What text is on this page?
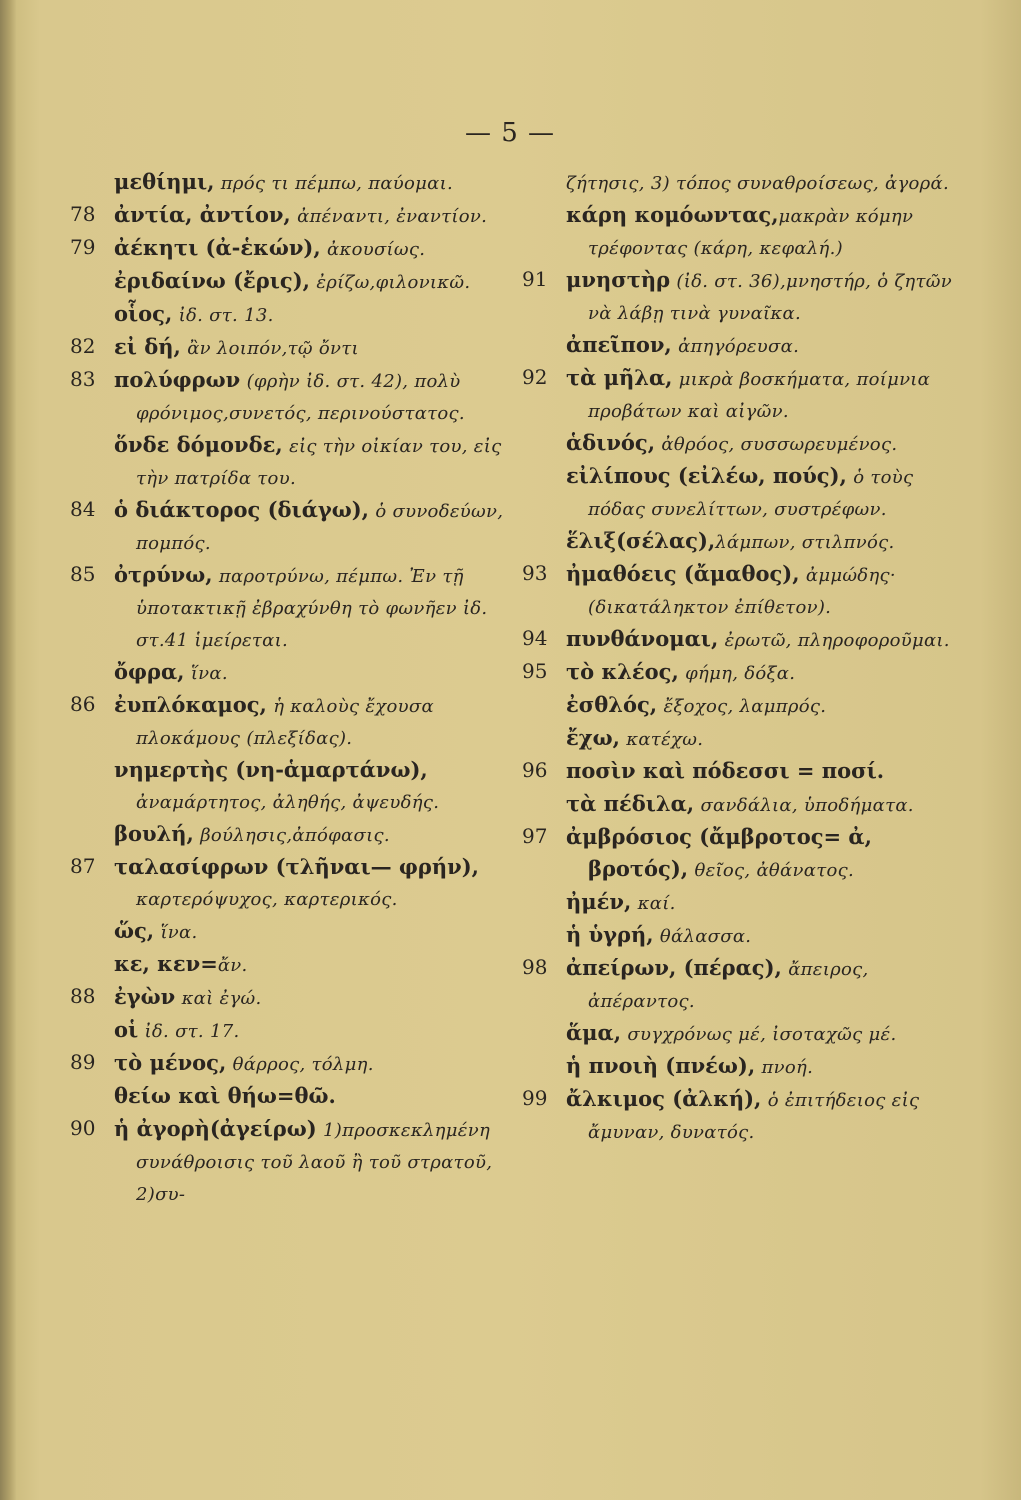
— 5 —

μεθίημι, πρός τι πέμπω, παύομαι.

78 ἀντία, ἀντίον, ἀπέναντι, ἐναντίον.

79 ἀέκητι (ἀ-ἑκών), ἀκουσίως.

ἐριδαίνω (ἔρις), ἐρίζω,φιλονικῶ.

οἷος, ἰδ. στ. 13.

82 εἰ δή, ἂν λοιπόν,τῷ ὄντι

83 πολύφρων (φρὴν ἰδ. στ. 42), πολὺ φρόνιμος,συνετός, περινούστατος.

ὅνδε δόμονδε, εἰς τὴν οἰκίαν του, εἰς τὴν πατρίδα του.

84 ὁ διάκτορος (διάγω), ὁ συνοδεύων, πομπός.

85 ὀτρύνω, παροτρύνω, πέμπω. Ἐν τῇ ὑποτακτικῇ ἐβραχύνθη τὸ φωνῆεν ἰδ. στ.41 ἱμείρεται.

ὄφρα, ἵνα.

86 ἐυπλόκαμος, ἡ καλοὺς ἔχουσα πλοκάμους (πλεξίδας).

νημερτὴς (νη-ἁμαρτάνω), ἀναμάρτητος, ἀληθής, ἀψευδής.

βουλή, βούλησις,ἀπόφασις.

87 ταλασίφρων (τλῆναι— φρήν), καρτερόψυχος, καρτερικός.

ὥς, ἵνα.

κε, κεν=ἄν.

88 ἐγὼν καὶ ἐγώ.

οἱ ἰδ. στ. 17.

89 τὸ μένος, θάρρος, τόλμη.

θείω καὶ θήω=θῶ.

90 ἡ ἀγορὴ(ἀγείρω) 1)προσκεκλημένη συνάθροισις τοῦ λαοῦ ἢ τοῦ στρατοῦ, 2)συ-

ζήτησις, 3) τόπος συναθροίσεως, ἀγορά.

κάρη κομόωντας,μακρὰν κόμην τρέφοντας (κάρη, κεφαλή.)

91 μνηστὴρ (ἰδ. στ. 36),μνηστήρ, ὁ ζητῶν νὰ λάβῃ τινὰ γυναῖκα.

ἀπεῖπον, ἀπηγόρευσα.

92 τὰ μῆλα, μικρὰ βοσκήματα, ποίμνια προβάτων καὶ αἰγῶν.

ἁδινός, ἀθρόος, συσσωρευμένος.

εἰλίπους (εἰλέω, πούς), ὁ τοὺς πόδας συνελίττων, συστρέφων.

ἕλιξ(σέλας),λάμπων, στιλπνός.

93 ἠμαθόεις (ἄμαθος), ἀμμώδης· (δικατάληκτον ἐπίθετον).

94 πυνθάνομαι, ἐρωτῶ, πληροφοροῦμαι.

95 τὸ κλέος, φήμη, δόξα.

ἐσθλός, ἔξοχος, λαμπρός.

ἔχω, κατέχω.

96 ποσὶν καὶ πόδεσσι = ποσί.

τὰ πέδιλα, σανδάλια, ὑποδήματα.

97 ἀμβρόσιος (ἄμβροτος= ἀ, βροτός), θεῖος, ἀθάνατος.

ἠμέν, καί.

ἡ ὑγρή, θάλασσα.

98 ἀπείρων, (πέρας), ἄπειρος, ἀπέραντος.

ἅμα, συγχρόνως μέ, ἰσοταχῶς μέ.

ἡ πνοιὴ (πνέω), πνοή.

99 ἄλκιμος (ἀλκή), ὁ ἐπιτήδειος εἰς ἄμυναν, δυνατός.
